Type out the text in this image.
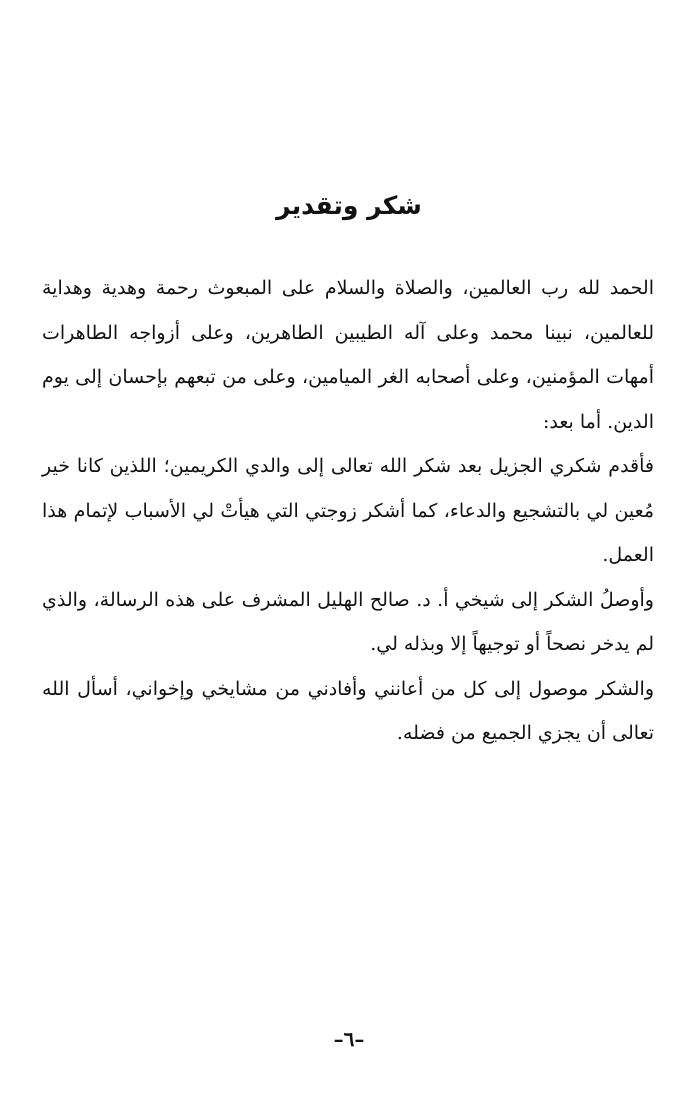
شكر وتقدير

الحمد لله رب العالمين، والصلاة والسلام على المبعوث رحمة وهدية وهداية للعالمين، نبينا محمد وعلى آله الطيبين الطاهرين، وعلى أزواجه الطاهرات أمهات المؤمنين، وعلى أصحابه الغر الميامين، وعلى من تبعهم بإحسان إلى يوم الدين. أما بعد:

فأقدم شكري الجزيل بعد شكر الله تعالى إلى والدي الكريمين؛ اللذين كانا خير مُعين لي بالتشجيع والدعاء، كما أشكر زوجتي التي هيأتْ لي الأسباب لإتمام هذا العمل.

وأوصلُ الشكر إلى شيخي أ. د. صالح الهليل المشرف على هذه الرسالة، والذي لم يدخر نصحاً أو توجيهاً إلا وبذله لي.

والشكر موصول إلى كل من أعانني وأفادني من مشايخي وإخواني، أسأل الله تعالى أن يجزي الجميع من فضله.

–٦–
